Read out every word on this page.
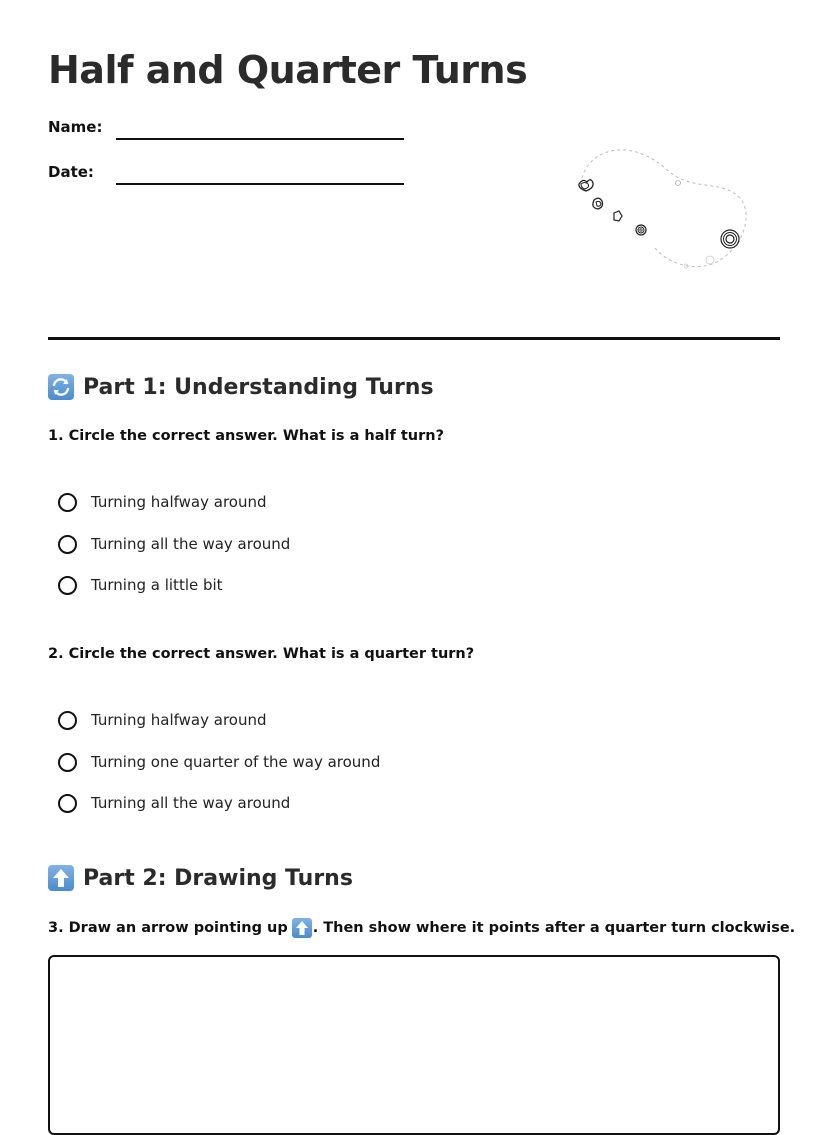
Half and Quarter Turns
Name:
Date:
Part 1: Understanding Turns

1. Circle the correct answer. What is a half turn?

Turning halfway around
Turning all the way around
Turning a little bit

2. Circle the correct answer. What is a quarter turn?

Turning halfway around
Turning one quarter of the way around
Turning all the way around
Part 2: Drawing Turns

3. Draw an arrow pointing up . Then show where it points after a quarter turn clockwise.
